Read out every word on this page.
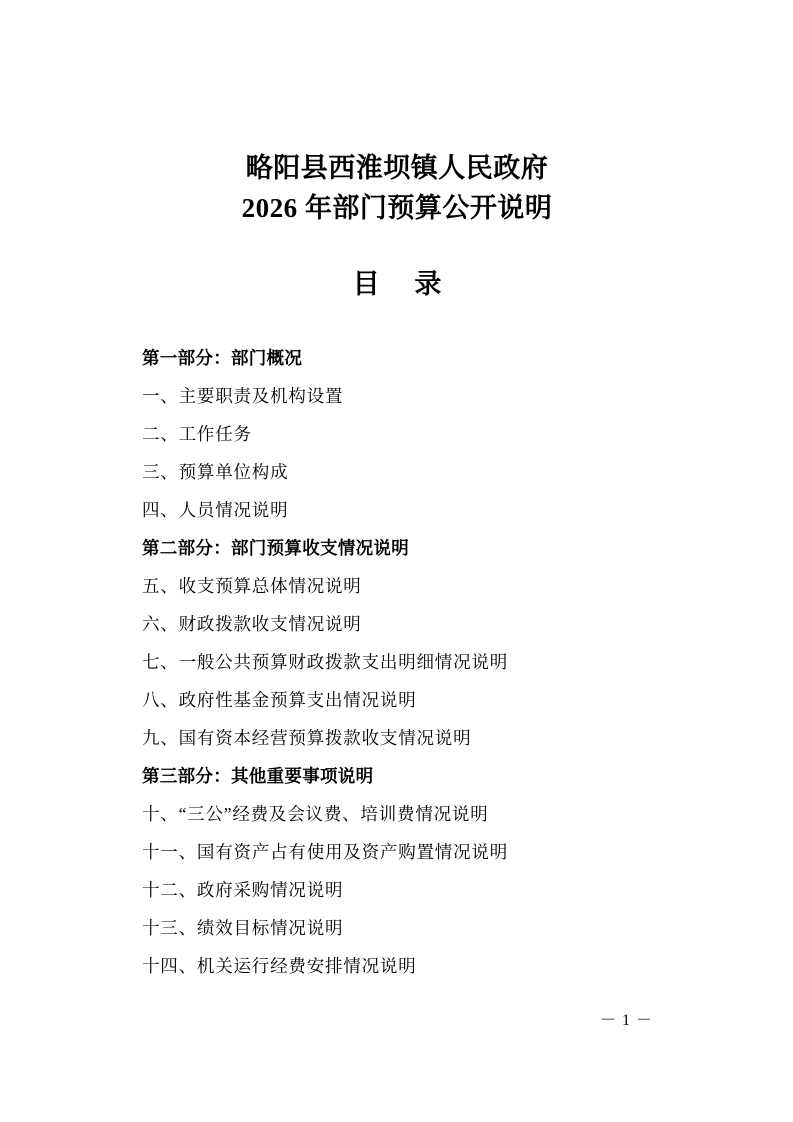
略阳县西淮坝镇人民政府
2026 年部门预算公开说明
目 录
第一部分：部门概况
一、主要职责及机构设置
二、工作任务
三、预算单位构成
四、人员情况说明
第二部分：部门预算收支情况说明
五、收支预算总体情况说明
六、财政拨款收支情况说明
七、一般公共预算财政拨款支出明细情况说明
八、政府性基金预算支出情况说明
九、国有资本经营预算拨款收支情况说明
第三部分：其他重要事项说明
十、“三公”经费及会议费、培训费情况说明
十一、国有资产占有使用及资产购置情况说明
十二、政府采购情况说明
十三、绩效目标情况说明
十四、机关运行经费安排情况说明
－ 1 －
